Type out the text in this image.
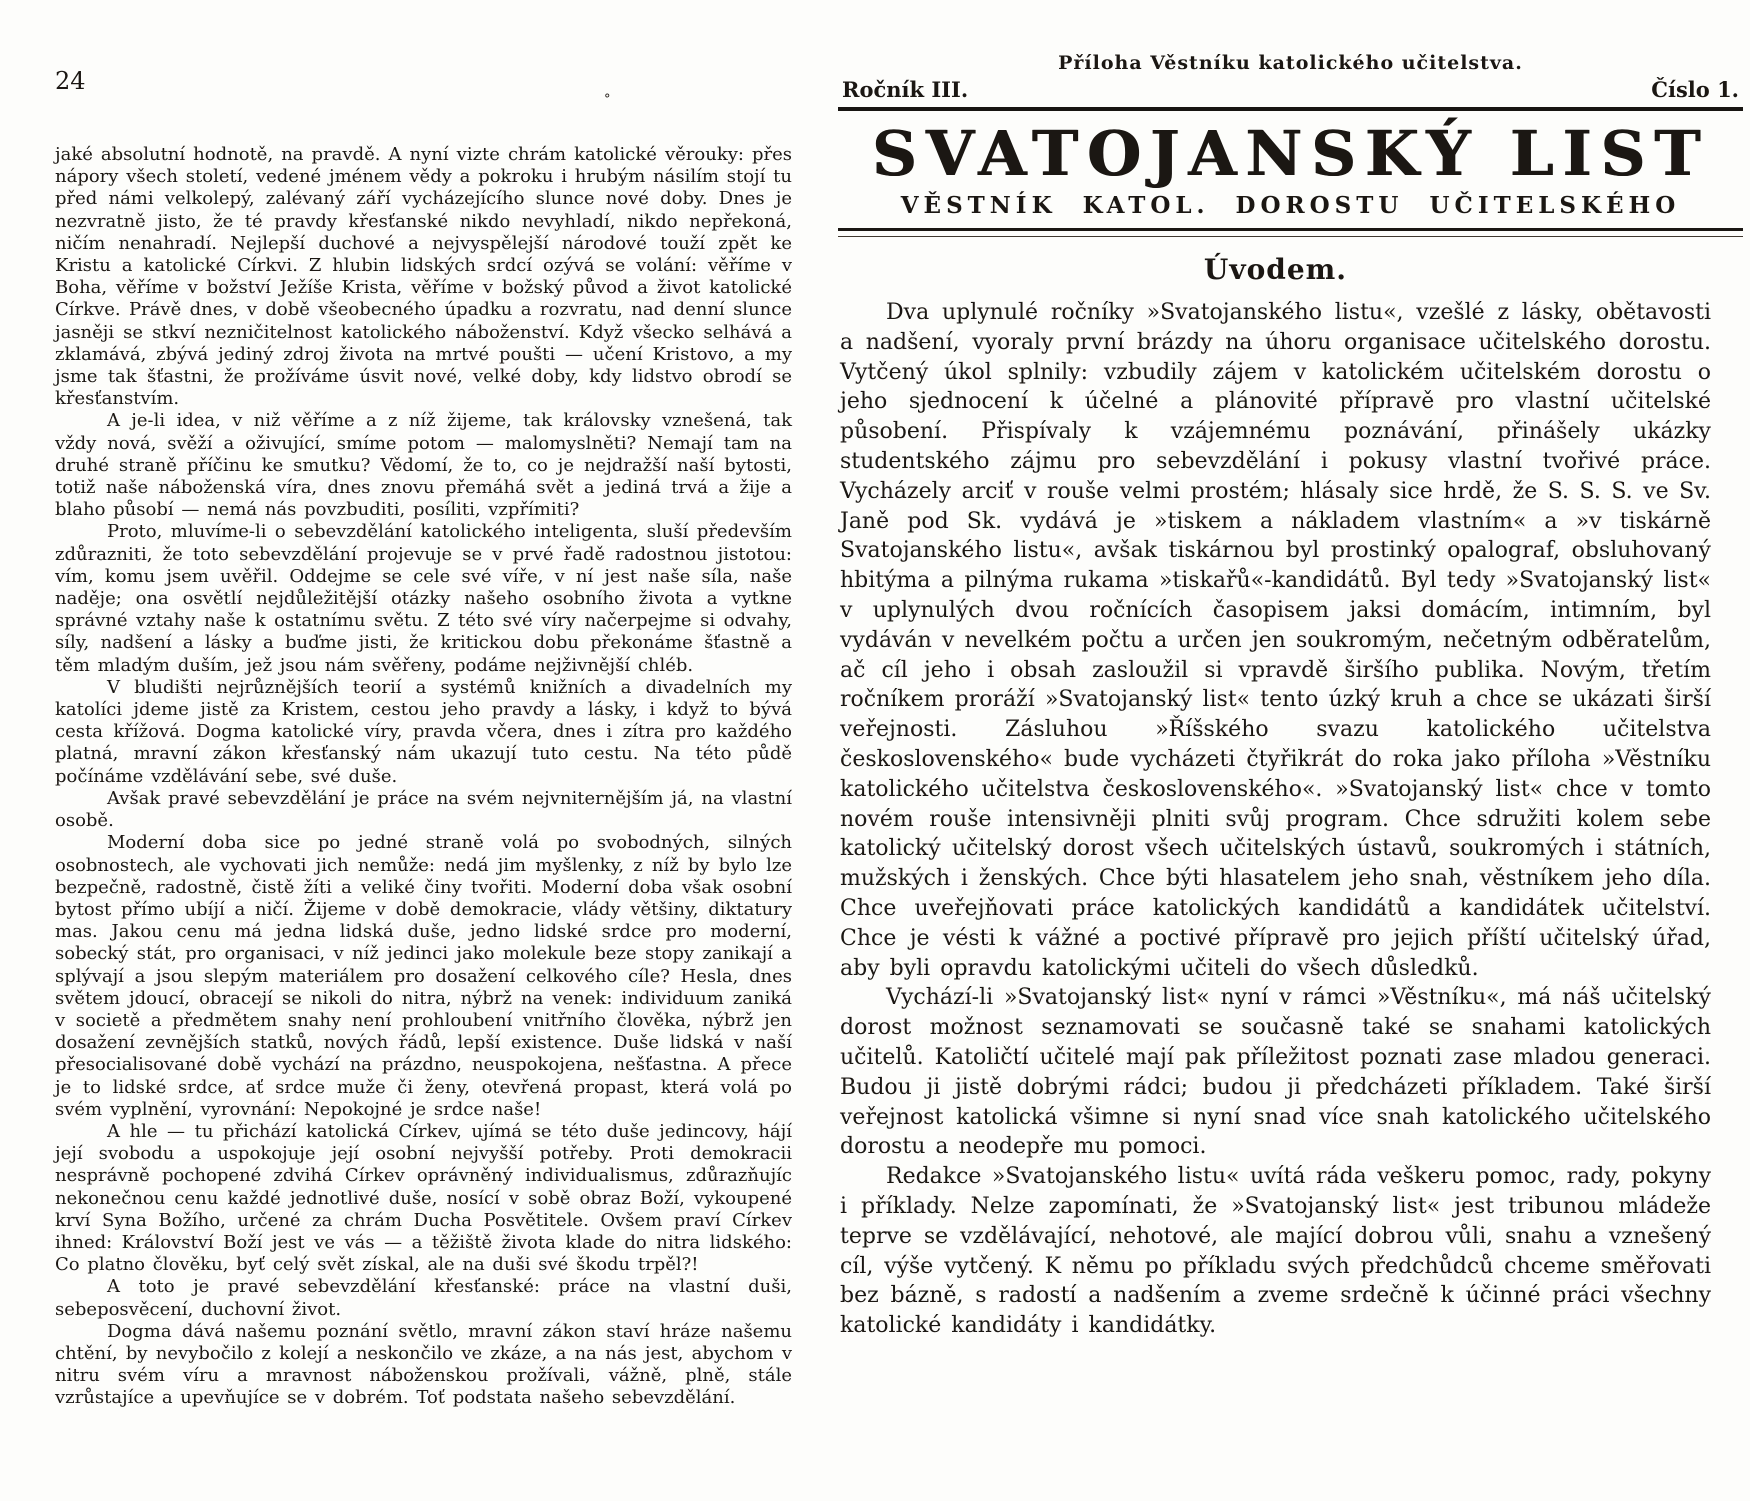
24

jaké absolutní hodnotě, na pravdě. A nyní vizte chrám katolické věrouky: přes nápory všech století, vedené jménem vědy a pokroku i hrubým násilím stojí tu před námi velkolepý, zalévaný září vycházejícího slunce nové doby. Dnes je nezvratně jisto, že té pravdy křesťanské nikdo nevyhladí, nikdo nepřekoná, ničím nenahradí. Nejlepší duchové a nejvyspělejší národové touží zpět ke Kristu a katolické Církvi. Z hlubin lidských srdcí ozývá se volání: věříme v Boha, věříme v božství Ježíše Krista, věříme v božský původ a život katolické Církve. Právě dnes, v době všeobecného úpadku a rozvratu, nad denní slunce jasněji se stkví nezničitelnost katolického náboženství. Když všecko selhává a zklamává, zbývá jediný zdroj života na mrtvé poušti — učení Kristovo, a my jsme tak šťastni, že prožíváme úsvit nové, velké doby, kdy lidstvo obrodí se křesťanstvím.

A je-li idea, v niž věříme a z níž žijeme, tak královsky vznešená, tak vždy nová, svěží a oživující, smíme potom — malomyslněti? Nemají tam na druhé straně příčinu ke smutku? Vědomí, že to, co je nejdražší naší bytosti, totiž naše náboženská víra, dnes znovu přemáhá svět a jediná trvá a žije a blaho působí — nemá nás povzbuditi, posíliti, vzpřímiti?

Proto, mluvíme-li o sebevzdělání katolického inteligenta, sluší především zdůrazniti, že toto sebevzdělání projevuje se v prvé řadě radostnou jistotou: vím, komu jsem uvěřil. Oddejme se cele své víře, v ní jest naše síla, naše naděje; ona osvětlí nejdůležitější otázky našeho osobního života a vytkne správné vztahy naše k ostatnímu světu. Z této své víry načerpejme si odvahy, síly, nadšení a lásky a buďme jisti, že kritickou dobu překonáme šťastně a těm mladým duším, jež jsou nám svěřeny, podáme nejživnější chléb.

V bludišti nejrůznějších teorií a systémů knižních a divadelních my katolíci jdeme jistě za Kristem, cestou jeho pravdy a lásky, i když to bývá cesta křížová. Dogma katolické víry, pravda včera, dnes i zítra pro každého platná, mravní zákon křesťanský nám ukazují tuto cestu. Na této půdě počínáme vzdělávání sebe, své duše.

Avšak pravé sebevzdělání je práce na svém nejvniternějším já, na vlastní osobě.

Moderní doba sice po jedné straně volá po svobodných, silných osobnostech, ale vychovati jich nemůže: nedá jim myšlenky, z níž by bylo lze bezpečně, radostně, čistě žíti a veliké činy tvořiti. Moderní doba však osobní bytost přímo ubíjí a ničí. Žijeme v době demokracie, vlády většiny, diktatury mas. Jakou cenu má jedna lidská duše, jedno lidské srdce pro moderní, sobecký stát, pro organisaci, v níž jedinci jako molekule beze stopy zanikají a splývají a jsou slepým materiálem pro dosažení celkového cíle? Hesla, dnes světem jdoucí, obracejí se nikoli do nitra, nýbrž na venek: individuum zaniká v societě a předmětem snahy není prohloubení vnitřního člověka, nýbrž jen dosažení zevnějších statků, nových řádů, lepší existence. Duše lidská v naší přesocialisované době vychází na prázdno, neuspokojena, nešťastna. A přece je to lidské srdce, ať srdce muže či ženy, otevřená propast, která volá po svém vyplnění, vyrovnání: Nepokojné je srdce naše!

A hle — tu přichází katolická Církev, ujímá se této duše jedincovy, hájí její svobodu a uspokojuje její osobní nejvyšší potřeby. Proti demokracii nesprávně pochopené zdvihá Církev oprávněný individualismus, zdůrazňujíc nekonečnou cenu každé jednotlivé duše, nosící v sobě obraz Boží, vykoupené krví Syna Božího, určené za chrám Ducha Posvětitele. Ovšem praví Církev ihned: Království Boží jest ve vás — a těžiště života klade do nitra lidského: Co platno člověku, byť celý svět získal, ale na duši své škodu trpěl?!

A toto je pravé sebevzdělání křesťanské: práce na vlastní duši, sebeposvěcení, duchovní život.

Dogma dává našemu poznání světlo, mravní zákon staví hráze našemu chtění, by nevybočilo z kolejí a neskončilo ve zkáze, a na nás jest, abychom v nitru svém víru a mravnost náboženskou prožívali, vážně, plně, stále vzrůstajíce a upevňujíce se v dobrém. Toť podstata našeho sebevzdělání.

°
Příloha Věstníku katolického učitelstva.
Ročník III.	Číslo 1.
SVATOJANSKÝ LIST
VĚSTNÍK KATOL. DOROSTU UČITELSKÉHO
Úvodem.

Dva uplynulé ročníky »Svatojanského listu«, vzešlé z lásky, obětavosti a nadšení, vyoraly první brázdy na úhoru organisace učitelského dorostu. Vytčený úkol splnily: vzbudily zájem v katolickém učitelském dorostu o jeho sjednocení k účelné a plánovité přípravě pro vlastní učitelské působení. Přispívaly k vzájemnému poznávání, přinášely ukázky studentského zájmu pro sebevzdělání i pokusy vlastní tvořivé práce. Vycházely arciť v rouše velmi prostém; hlásaly sice hrdě, že S. S. S. ve Sv. Janě pod Sk. vydává je »tiskem a nákladem vlastním« a »v tiskárně Svatojanského listu«, avšak tiskárnou byl prostinký opalograf, obsluhovaný hbitýma a pilnýma rukama »tiskařů«-kandidátů. Byl tedy »Svatojanský list« v uplynulých dvou ročnících časopisem jaksi domácím, intimním, byl vydáván v nevelkém počtu a určen jen soukromým, nečetným odběratelům, ač cíl jeho i obsah zasloužil si vpravdě širšího publika. Novým, třetím ročníkem proráží »Svatojanský list« tento úzký kruh a chce se ukázati širší veřejnosti. Zásluhou »Říšského svazu katolického učitelstva československého« bude vycházeti čtyřikrát do roka jako příloha »Věstníku katolického učitelstva československého«. »Svatojanský list« chce v tomto novém rouše intensivněji plniti svůj program. Chce sdružiti kolem sebe katolický učitelský dorost všech učitelských ústavů, soukromých i státních, mužských i ženských. Chce býti hlasatelem jeho snah, věstníkem jeho díla. Chce uveřejňovati práce katolických kandidátů a kandidátek učitelství. Chce je vésti k vážné a poctivé přípravě pro jejich příští učitelský úřad, aby byli opravdu katolickými učiteli do všech důsledků.

Vychází-li »Svatojanský list« nyní v rámci »Věstníku«, má náš učitelský dorost možnost seznamovati se současně také se snahami katolických učitelů. Katoličtí učitelé mají pak příležitost poznati zase mladou generaci. Budou ji jistě dobrými rádci; budou ji předcházeti příkladem. Také širší veřejnost katolická všimne si nyní snad více snah katolického učitelského dorostu a neodepře mu pomoci.

Redakce »Svatojanského listu« uvítá ráda veškeru pomoc, rady, pokyny i příklady. Nelze zapomínati, že »Svatojanský list« jest tribunou mládeže teprve se vzdělávající, nehotové, ale mající dobrou vůli, snahu a vznešený cíl, výše vytčený. K němu po příkladu svých předchůdců chceme směřovati bez bázně, s radostí a nadšením a zveme srdečně k účinné práci všechny katolické kandidáty i kandidátky.
